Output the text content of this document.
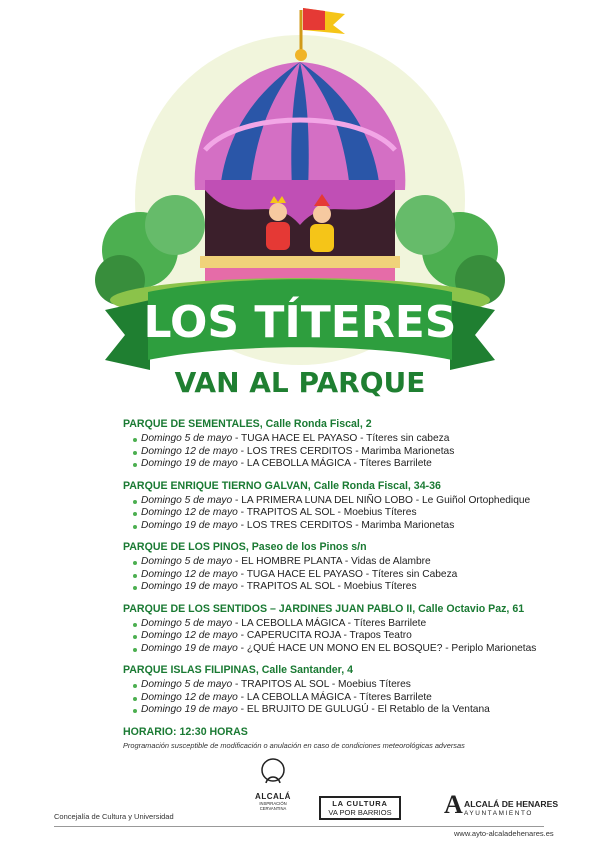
LOS TÍTERES
VAN AL PARQUE
PARQUE DE SEMENTALES, Calle Ronda Fiscal, 2
Domingo 5 de mayo - TUGA HACE EL PAYASO - Títeres sin cabeza
Domingo 12 de mayo - LOS TRES CERDITOS - Marimba Marionetas
Domingo 19 de mayo - LA CEBOLLA MÁGICA - Títeres Barrilete
PARQUE ENRIQUE TIERNO GALVAN, Calle Ronda Fiscal, 34-36
Domingo 5 de mayo - LA PRIMERA LUNA DEL NIÑO LOBO - Le Guiñol Ortophedique
Domingo 12 de mayo - TRAPITOS AL SOL - Moebius Títeres
Domingo 19 de mayo - LOS TRES CERDITOS - Marimba Marionetas
PARQUE DE LOS PINOS, Paseo de los Pinos s/n
Domingo 5 de mayo - EL HOMBRE PLANTA - Vidas de Alambre
Domingo 12 de mayo - TUGA HACE EL PAYASO - Títeres sin Cabeza
Domingo 19 de mayo - TRAPITOS AL SOL - Moebius Títeres
PARQUE DE LOS SENTIDOS – JARDINES JUAN PABLO II, Calle Octavio Paz, 61
Domingo 5 de mayo - LA CEBOLLA MÁGICA - Títeres Barrilete
Domingo 12 de mayo - CAPERUCITA ROJA - Trapos Teatro
Domingo 19 de mayo - ¿QUÉ HACE UN MONO EN EL BOSQUE? - Periplo Marionetas
PARQUE ISLAS FILIPINAS, Calle Santander, 4
Domingo 5 de mayo - TRAPITOS AL SOL - Moebius Títeres
Domingo 12 de mayo - LA CEBOLLA MÁGICA - Títeres Barrilete
Domingo 19 de mayo - EL BRUJITO DE GULUGÚ - El Retablo de la Ventana
HORARIO: 12:30 HORAS
Programación susceptible de modificación o anulación en caso de condiciones meteorológicas adversas
ALCALÁ
INSPIRACIÓN
CERVANTINA
LA CULTURA
VA POR BARRIOS	A ALCALÁ DE HENARES
AYUNTAMIENTO
Concejalía de Cultura y Universidad
www.ayto-alcaladehenares.es
